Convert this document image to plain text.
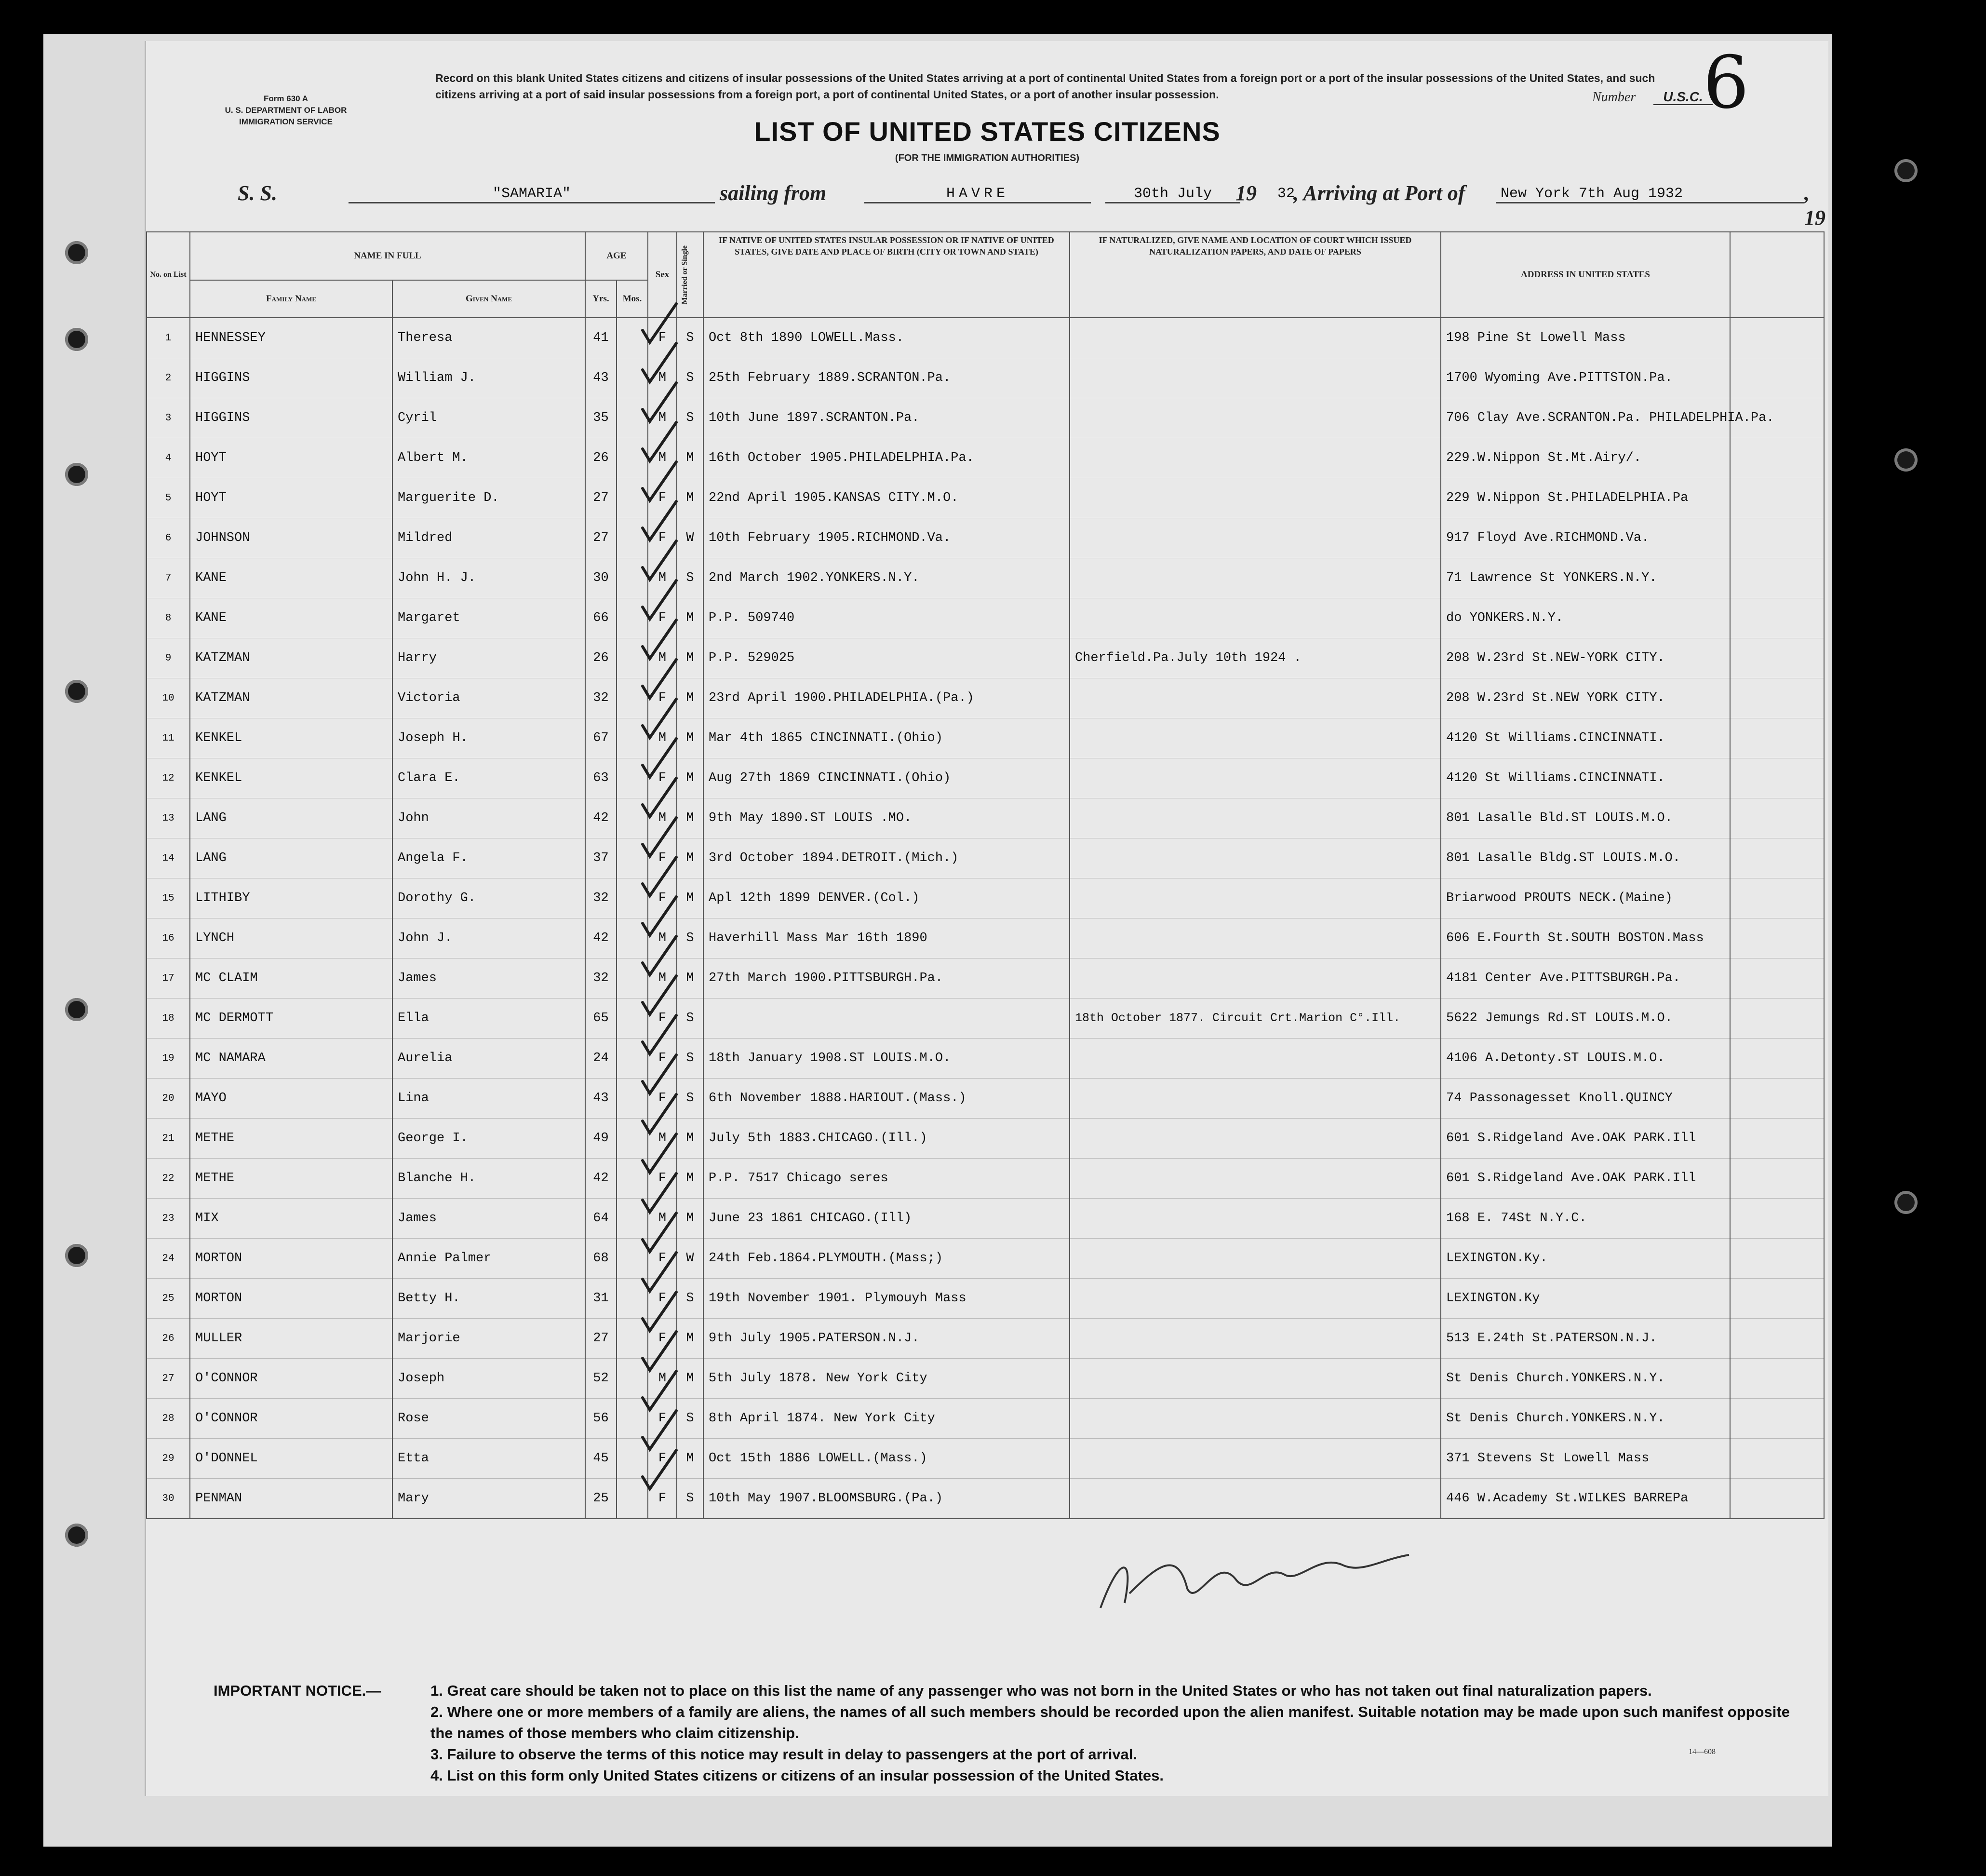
Form 630 A
U. S. DEPARTMENT OF LABOR
IMMIGRATION SERVICE
Record on this blank United States citizens and citizens of insular possessions of the United States arriving at a port of continental United States from a foreign port or a port of the insular possessions of the United States, and such citizens arriving at a port of said insular possessions from a foreign port, a port of continental United States, or a port of another insular possession.	Number U.S.C. 6
LIST OF UNITED STATES CITIZENS
(FOR THE IMMIGRATION AUTHORITIES)
S. S.	"SAMARIA"	sailing from	HAVRE	30th July	19	32
, Arriving at Port of	New York 7th Aug 1932	, 19
No. on List	NAME IN FULL		AGE		Sex	Married or Single	IF NATIVE OF UNITED STATES INSULAR POSSESSION OR IF NATIVE OF UNITED STATES, GIVE DATE AND PLACE OF BIRTH (CITY OR TOWN AND STATE)	IF NATURALIZED, GIVE NAME AND LOCATION OF COURT WHICH ISSUED NATURALIZATION PAPERS, AND DATE OF PAPERS	ADDRESS IN UNITED STATES	
	Family Name	Given Name	Yrs.	Mos.						
1	HENNESSEY	Theresa	41		F	S	Oct 8th 1890 LOWELL.Mass.		198 Pine St Lowell Mass	
2	HIGGINS	William J.	43		M	S	25th February 1889.SCRANTON.Pa.		1700 Wyoming Ave.PITTSTON.Pa.	
3	HIGGINS	Cyril	35		M	S	10th June 1897.SCRANTON.Pa.		706 Clay Ave.SCRANTON.Pa. PHILADELPHIA.Pa.	
4	HOYT	Albert M.	26		M	M	16th October 1905.PHILADELPHIA.Pa.		229.W.Nippon St.Mt.Airy/.	
5	HOYT	Marguerite D.	27		F	M	22nd April 1905.KANSAS CITY.M.O.		229 W.Nippon St.PHILADELPHIA.Pa	
6	JOHNSON	Mildred	27		F	W	10th February 1905.RICHMOND.Va.		917 Floyd Ave.RICHMOND.Va.	
7	KANE	John H. J.	30		M	S	2nd March 1902.YONKERS.N.Y.		71 Lawrence St YONKERS.N.Y.	
8	KANE	Margaret	66		F	M	P.P. 509740		do YONKERS.N.Y.	
9	KATZMAN	Harry	26		M	M	P.P. 529025	Cherfield.Pa.July 10th 1924 .	208 W.23rd St.NEW-YORK CITY.	
10	KATZMAN	Victoria	32		F	M	23rd April 1900.PHILADELPHIA.(Pa.)		208 W.23rd St.NEW YORK CITY.	
11	KENKEL	Joseph H.	67		M	M	Mar 4th 1865 CINCINNATI.(Ohio)		4120 St Williams.CINCINNATI.	
12	KENKEL	Clara E.	63		F	M	Aug 27th 1869 CINCINNATI.(Ohio)		4120 St Williams.CINCINNATI.	
13	LANG	John	42		M	M	9th May 1890.ST LOUIS .MO.		801 Lasalle Bld.ST LOUIS.M.O.	
14	LANG	Angela F.	37		F	M	3rd October 1894.DETROIT.(Mich.)		801 Lasalle Bldg.ST LOUIS.M.O.	
15	LITHIBY	Dorothy G.	32		F	M	Apl 12th 1899 DENVER.(Col.)		Briarwood PROUTS NECK.(Maine)	
16	LYNCH	John J.	42		M	S	Haverhill Mass Mar 16th 1890		606 E.Fourth St.SOUTH BOSTON.Mass	
17	MC CLAIM	James	32		M	M	27th March 1900.PITTSBURGH.Pa.		4181 Center Ave.PITTSBURGH.Pa.	
18	MC DERMOTT	Ella	65		F	S		18th October 1877. Circuit Crt.Marion C°.Ill.	5622 Jemungs Rd.ST LOUIS.M.O.	
19	MC NAMARA	Aurelia	24		F	S	18th January 1908.ST LOUIS.M.O.		4106 A.Detonty.ST LOUIS.M.O.	
20	MAYO	Lina	43		F	S	6th November 1888.HARIOUT.(Mass.)		74 Passonagesset Knoll.QUINCY	
21	METHE	George I.	49		M	M	July 5th 1883.CHICAGO.(Ill.)		601 S.Ridgeland Ave.OAK PARK.Ill	
22	METHE	Blanche H.	42		F	M	P.P. 7517 Chicago seres		601 S.Ridgeland Ave.OAK PARK.Ill	
23	MIX	James	64		M	M	June 23 1861 CHICAGO.(Ill)		168 E. 74St N.Y.C.	
24	MORTON	Annie Palmer	68		F	W	24th Feb.1864.PLYMOUTH.(Mass;)		LEXINGTON.Ky.	
25	MORTON	Betty H.	31		F	S	19th November 1901. Plymouyh Mass		LEXINGTON.Ky	
26	MULLER	Marjorie	27		F	M	9th July 1905.PATERSON.N.J.		513 E.24th St.PATERSON.N.J.	
27	O'CONNOR	Joseph	52		M	M	5th July 1878. New York City		St Denis Church.YONKERS.N.Y.	
28	O'CONNOR	Rose	56		F	S	8th April 1874. New York City		St Denis Church.YONKERS.N.Y.	
29	O'DONNEL	Etta	45		F	M	Oct 15th 1886 LOWELL.(Mass.)		371 Stevens St Lowell Mass	
30	PENMAN	Mary	25		F	S	10th May 1907.BLOOMSBURG.(Pa.)		446 W.Academy St.WILKES BARREPa	
Joseph Adamy Insp
IMPORTANT NOTICE.—	1. Great care should be taken not to place on this list the name of any passenger who was not born in the United States or who has not taken out final naturalization papers.
2. Where one or more members of a family are aliens, the names of all such members should be recorded upon the alien manifest. Suitable notation may be made upon such manifest opposite the names of those members who claim citizenship.
3. Failure to observe the terms of this notice may result in delay to passengers at the port of arrival.
4. List on this form only United States citizens or citizens of an insular possession of the United States.
14—608
